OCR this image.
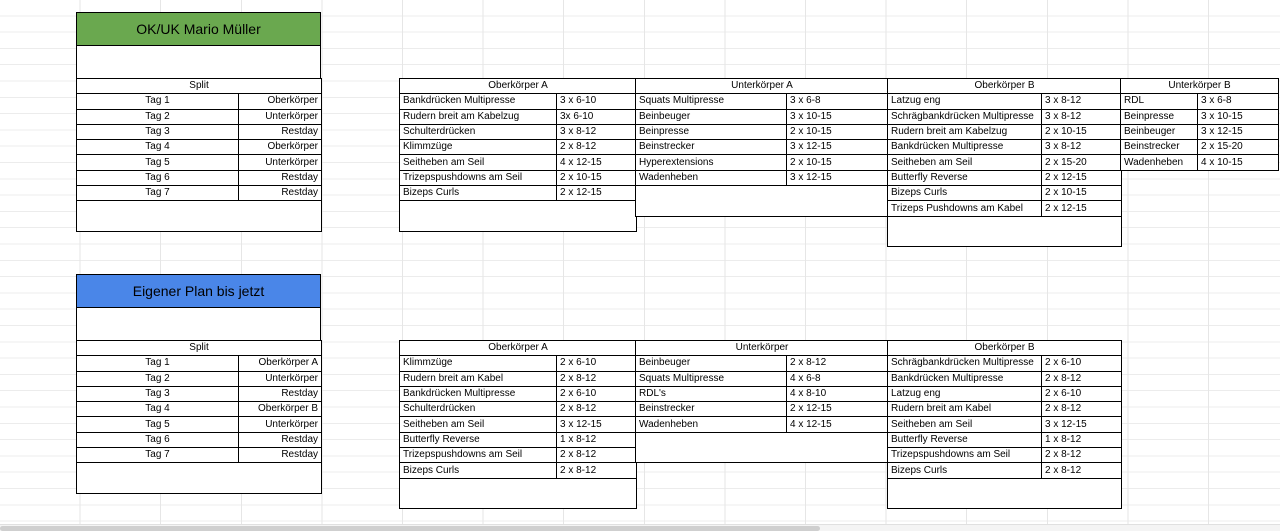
OK/UK Mario Müller
Split	
Tag 1	Oberkörper
Tag 2	Unterkörper
Tag 3	Restday
Tag 4	Oberkörper
Tag 5	Unterkörper
Tag 6	Restday
Tag 7	Restday

Oberkörper A	
Bankdrücken Multipresse	3 x 6-10
Rudern breit am Kabelzug	3x 6-10
Schulterdrücken	3 x 8-12
Klimmzüge	2 x 8-12
Seitheben am Seil	4 x 12-15
Trizepspushdowns am Seil	2 x 10-15
Bizeps Curls	2 x 12-15

Unterkörper A	
Squats Multipresse	3 x 6-8
Beinbeuger	3 x 10-15
Beinpresse	2 x 10-15
Beinstrecker	3 x 12-15
Hyperextensions	2 x 10-15
Wadenheben	3 x 12-15

Oberkörper B	
Latzug eng	3 x 8-12
Schrägbankdrücken Multipresse	3 x 8-12
Rudern breit am Kabelzug	2 x 10-15
Bankdrücken Multipresse	3 x 8-12
Seitheben am Seil	2 x 15-20
Butterfly Reverse	2 x 12-15
Bizeps Curls	2 x 10-15
Trizeps Pushdowns am Kabel	2 x 12-15

Unterkörper B	
RDL	3 x 6-8
Beinpresse	3 x 10-15
Beinbeuger	3 x 12-15
Beinstrecker	2 x 15-20
Wadenheben	4 x 10-15
Eigener Plan bis jetzt
Split	
Tag 1	Oberkörper A
Tag 2	Unterkörper
Tag 3	Restday
Tag 4	Oberkörper B
Tag 5	Unterkörper
Tag 6	Restday
Tag 7	Restday

Oberkörper A	
Klimmzüge	2 x 6-10
Rudern breit am Kabel	2 x 8-12
Bankdrücken Multipresse	2 x 6-10
Schulterdrücken	2 x 8-12
Seitheben am Seil	3 x 12-15
Butterfly Reverse	1 x 8-12
Trizepspushdowns am Seil	2 x 8-12
Bizeps Curls	2 x 8-12

Unterkörper	
Beinbeuger	2 x 8-12
Squats Multipresse	4 x 6-8
RDL's	4 x 8-10
Beinstrecker	2 x 12-15
Wadenheben	4 x 12-15

Oberkörper B	
Schrägbankdrücken Multipresse	2 x 6-10
Bankdrücken Multipresse	2 x 8-12
Latzug eng	2 x 6-10
Rudern breit am Kabel	2 x 8-12
Seitheben am Seil	3 x 12-15
Butterfly Reverse	1 x 8-12
Trizepspushdowns am Seil	2 x 8-12
Bizeps Curls	2 x 8-12
